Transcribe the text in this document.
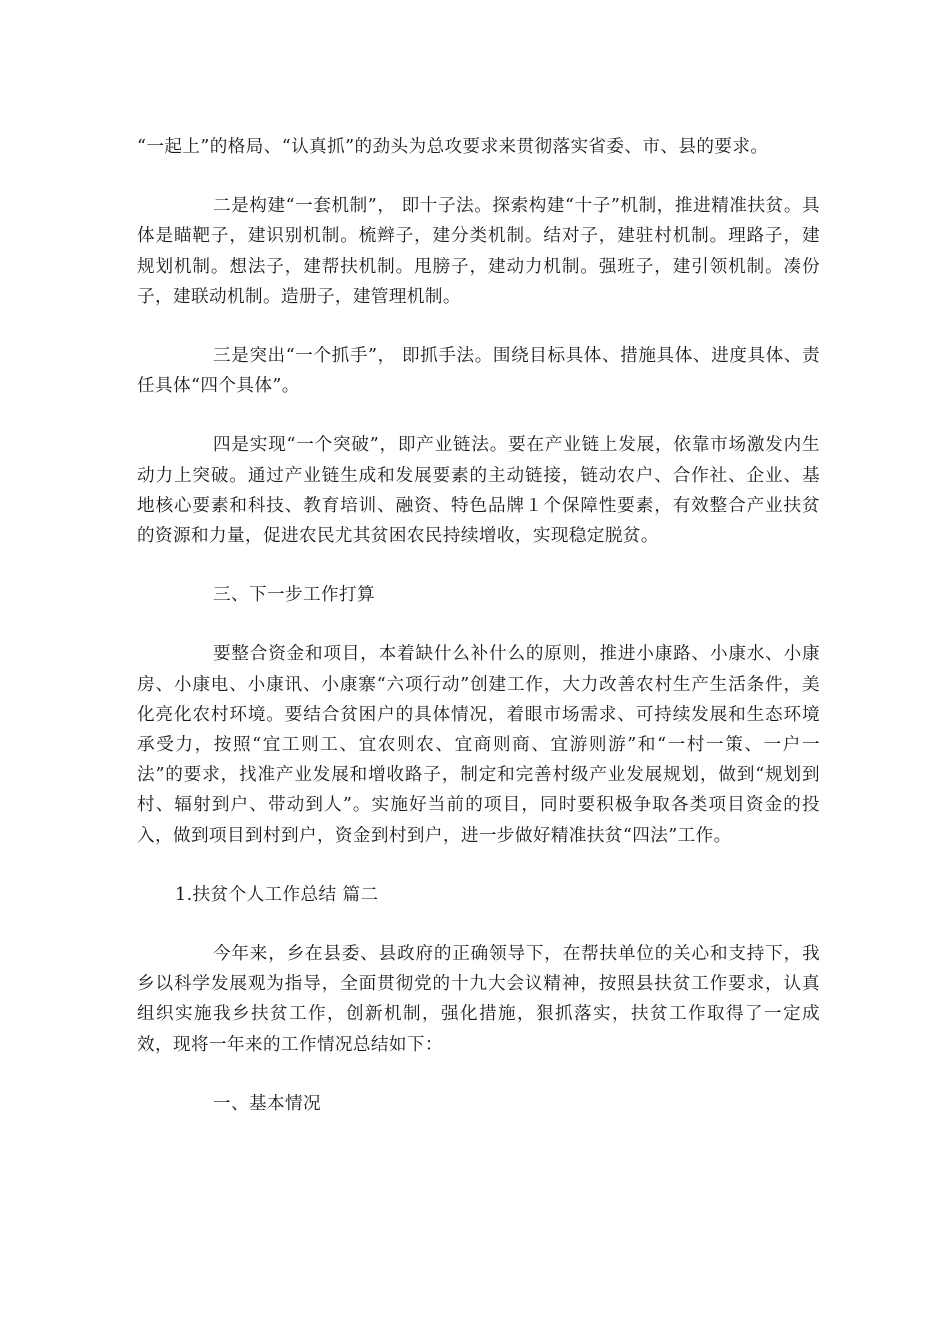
“一起上”的格局、“认真抓”的劲头为总攻要求来贯彻落实省委、市、县的要求。

二是构建“一套机制”， 即十子法。探索构建“十子”机制，推进精准扶贫。具体是瞄靶子，建识别机制。梳辫子，建分类机制。结对子，建驻村机制。理路子，建规划机制。想法子，建帮扶机制。甩膀子，建动力机制。强班子，建引领机制。凑份子，建联动机制。造册子，建管理机制。

三是突出“一个抓手”， 即抓手法。围绕目标具体、措施具体、进度具体、责任具体“四个具体”。

四是实现“一个突破”，即产业链法。要在产业链上发展，依靠市场激发内生动力上突破。通过产业链生成和发展要素的主动链接，链动农户、合作社、企业、基地核心要素和科技、教育培训、融资、特色品牌１个保障性要素，有效整合产业扶贫的资源和力量，促进农民尤其贫困农民持续增收，实现稳定脱贫。

三、下一步工作打算

要整合资金和项目，本着缺什么补什么的原则，推进小康路、小康水、小康房、小康电、小康讯、小康寨“六项行动”创建工作，大力改善农村生产生活条件，美化亮化农村环境。要结合贫困户的具体情况，着眼市场需求、可持续发展和生态环境承受力，按照“宜工则工、宜农则农、宜商则商、宜游则游”和“一村一策、一户一法”的要求，找准产业发展和增收路子，制定和完善村级产业发展规划，做到“规划到村、辐射到户、带动到人”。实施好当前的项目，同时要积极争取各类项目资金的投入，做到项目到村到户，资金到村到户，进一步做好精准扶贫“四法”工作。

1.扶贫个人工作总结 篇二

今年来，乡在县委、县政府的正确领导下，在帮扶单位的关心和支持下，我乡以科学发展观为指导，全面贯彻党的十九大会议精神，按照县扶贫工作要求，认真组织实施我乡扶贫工作，创新机制，强化措施，狠抓落实，扶贫工作取得了一定成效，现将一年来的工作情况总结如下：

一、基本情况
